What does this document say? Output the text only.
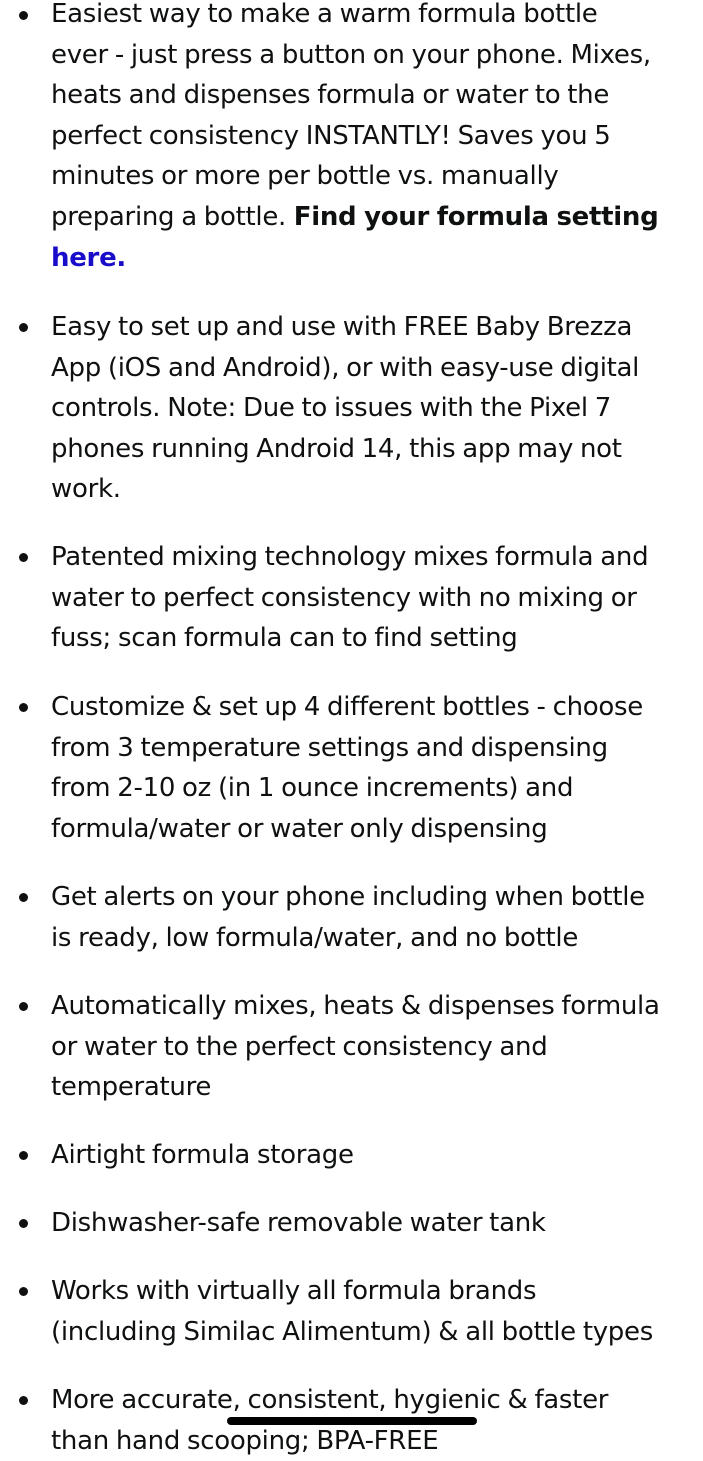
Easiest way to make a warm formula bottle ever - just press a button on your phone. Mixes, heats and dispenses formula or water to the perfect consistency INSTANTLY! Saves you 5 minutes or more per bottle vs. manually preparing a bottle. Find your formula setting here.
Easy to set up and use with FREE Baby Brezza App (iOS and Android), or with easy-use digital controls. Note: Due to issues with the Pixel 7 phones running Android 14, this app may not work.
Patented mixing technology mixes formula and water to perfect consistency with no mixing or fuss; scan formula can to find setting
Customize & set up 4 different bottles - choose from 3 temperature settings and dispensing from 2-10 oz (in 1 ounce increments) and formula/water or water only dispensing
Get alerts on your phone including when bottle is ready, low formula/water, and no bottle
Automatically mixes, heats & dispenses formula or water to the perfect consistency and temperature
Airtight formula storage
Dishwasher-safe removable water tank
Works with virtually all formula brands (including Similac Alimentum) & all bottle types
More accurate, consistent, hygienic & faster than hand scooping; BPA-FREE
